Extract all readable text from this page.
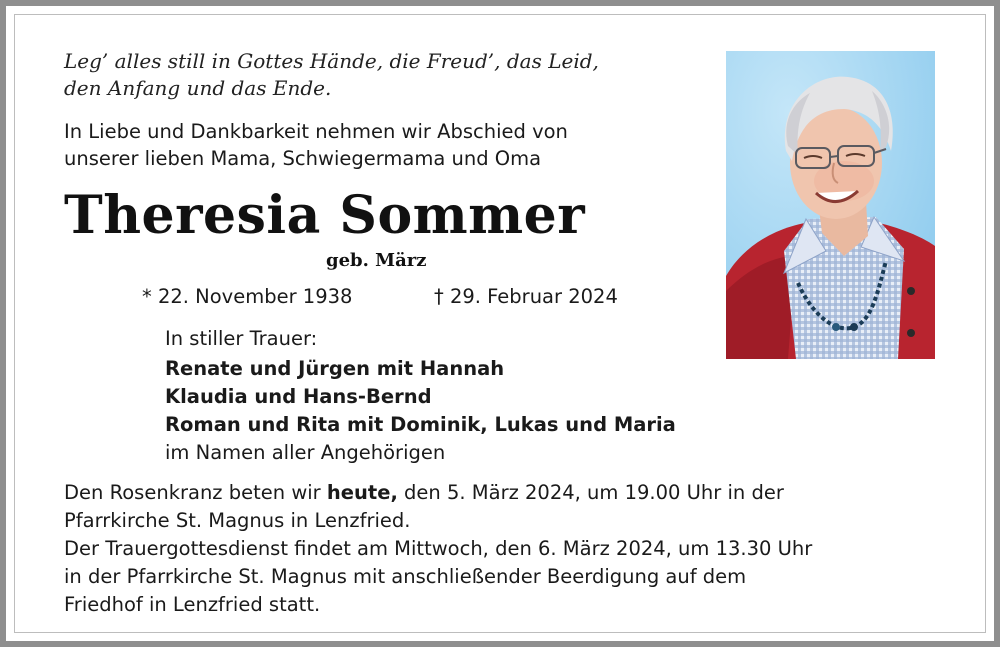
Leg’ alles still in Gottes Hände, die Freud’, das Leid,
den Anfang und das Ende.
In Liebe und Dankbarkeit nehmen wir Abschied von
unserer lieben Mama, Schwiegermama und Oma
Theresia Sommer
geb. März
* 22. November 1938	† 29. Februar 2024
In stiller Trauer:
Renate und Jürgen mit Hannah
Klaudia und Hans-Bernd
Roman und Rita mit Dominik, Lukas und Maria
im Namen aller Angehörigen
Den Rosenkranz beten wir heute, den 5. März 2024, um 19.00 Uhr in der
Pfarrkirche St. Magnus in Lenzfried.
Der Trauergottesdienst findet am Mittwoch, den 6. März 2024, um 13.30 Uhr
in der Pfarrkirche St. Magnus mit anschließender Beerdigung auf dem
Friedhof in Lenzfried statt.
